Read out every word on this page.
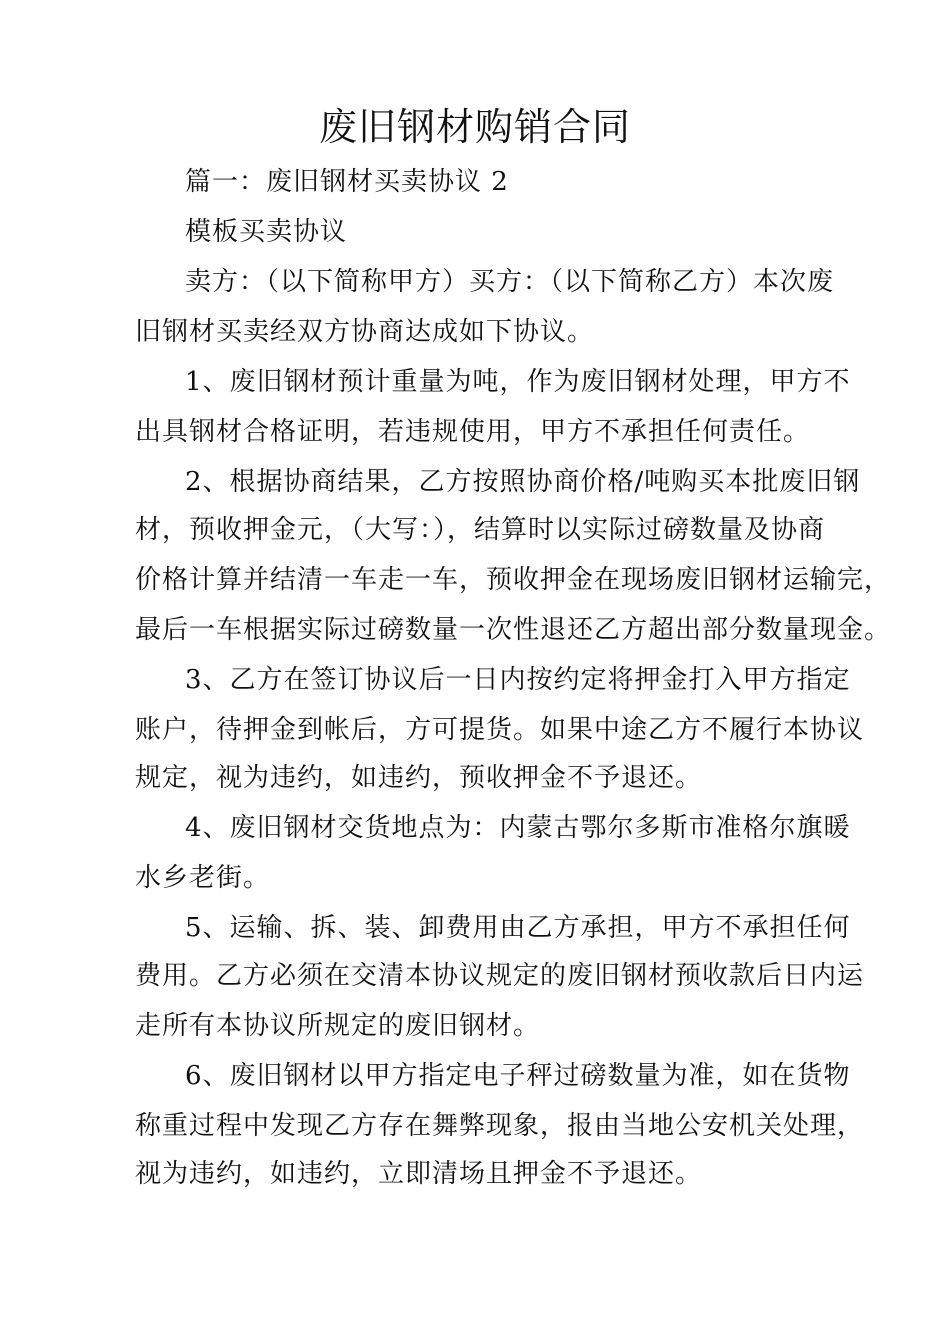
废旧钢材购销合同
篇一：废旧钢材买卖协议 2
模板买卖协议
卖方：（以下简称甲方）买方：（以下简称乙方）本次废
旧钢材买卖经双方协商达成如下协议。
1、废旧钢材预计重量为吨，作为废旧钢材处理，甲方不
出具钢材合格证明，若违规使用，甲方不承担任何责任。
2、根据协商结果，乙方按照协商价格/吨购买本批废旧钢
材，预收押金元，（大写：），结算时以实际过磅数量及协商
价格计算并结清一车走一车，预收押金在现场废旧钢材运输完，
最后一车根据实际过磅数量一次性退还乙方超出部分数量现金。
3、乙方在签订协议后一日内按约定将押金打入甲方指定
账户，待押金到帐后，方可提货。如果中途乙方不履行本协议
规定，视为违约，如违约，预收押金不予退还。
4、废旧钢材交货地点为：内蒙古鄂尔多斯市准格尔旗暖
水乡老街。
5、运输、拆、装、卸费用由乙方承担，甲方不承担任何
费用。乙方必须在交清本协议规定的废旧钢材预收款后日内运
走所有本协议所规定的废旧钢材。
6、废旧钢材以甲方指定电子秤过磅数量为准，如在货物
称重过程中发现乙方存在舞弊现象，报由当地公安机关处理，
视为违约，如违约，立即清场且押金不予退还。
